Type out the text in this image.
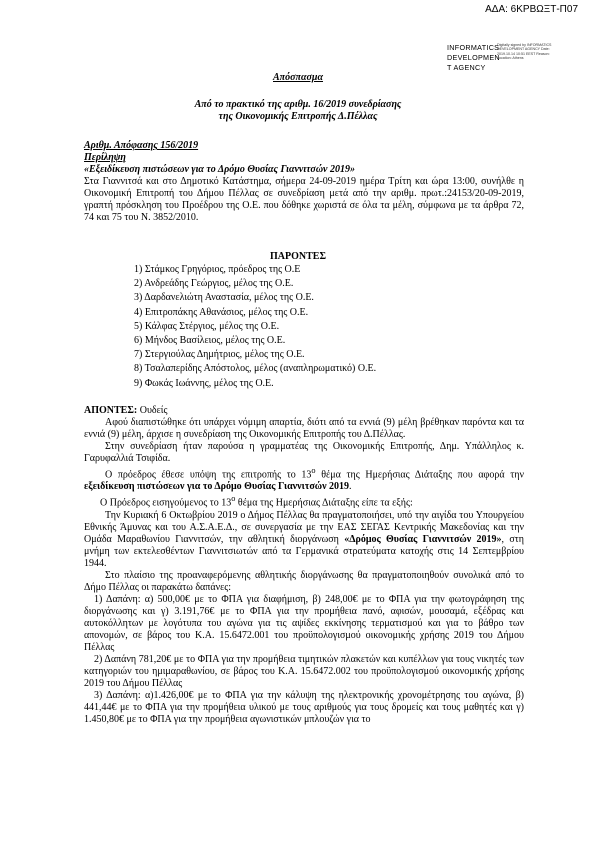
ΑΔΑ: 6ΚΡΒΩΞΤ-Π07
INFORMATICS DEVELOPMEN T AGENCY
Digitally signed by INFORMATICS DEVELOPMENT AGENCY Date: 2019.10.14 10:51 EEST Reason: Location: Athens
Απόσπασμα
Από το πρακτικό της αριθμ. 16/2019 συνεδρίασης
της Οικονομικής Επιτροπής Δ.Πέλλας
Αριθμ. Απόφασης 156/2019
Περίληψη
«Εξειδίκευση πιστώσεων για το Δρόμο Θυσίας Γιαννιτσών 2019»
Στα Γιαννιτσά και στο Δημοτικό Κατάστημα, σήμερα 24-09-2019 ημέρα Τρίτη και ώρα 13:00, συνήλθε η Οικονομική Επιτροπή του Δήμου Πέλλας σε συνεδρίαση μετά από την αριθμ. πρωτ.:24153/20-09-2019, γραπτή πρόσκληση του Προέδρου της Ο.Ε. που δόθηκε χωριστά σε όλα τα μέλη, σύμφωνα με τα άρθρα 72, 74 και 75 του Ν. 3852/2010.
ΠΑΡΟΝΤΕΣ
1) Στάμκος Γρηγόριος, πρόεδρος της Ο.Ε
2) Ανδρεάδης Γεώργιος, μέλος της Ο.Ε.
3) Δαρδανελιώτη Αναστασία, μέλος της Ο.Ε.
4) Επιτροπάκης Αθανάσιος, μέλος της Ο.Ε.
5) Κάλφας Στέργιος, μέλος της Ο.Ε.
6) Μήνδος Βασίλειος, μέλος της Ο.Ε.
7) Στεργιούλας Δημήτριος, μέλος της Ο.Ε.
8) Τσαλαπερίδης Απόστολος, μέλος (αναπληρωματικό) Ο.Ε.
9) Φωκάς Ιωάννης, μέλος της Ο.Ε.
ΑΠΟΝΤΕΣ: Ουδείς

Αφού διαπιστώθηκε ότι υπάρχει νόμιμη απαρτία, διότι από τα εννιά (9) μέλη βρέθηκαν παρόντα και τα εννιά (9) μέλη, άρχισε η συνεδρίαση της Οικονομικής Επιτροπής του Δ.Πέλλας.

Στην συνεδρίαση ήταν παρούσα η γραμματέας της Οικονομικής Επιτροπής, Δημ. Υπάλληλος κ. Γαρυφαλλιά Τσιφίδα.

Ο πρόεδρος έθεσε υπόψη της επιτροπής το $13^o$ θέμα της Ημερήσιας Διάταξης που αφορά την εξειδίκευση πιστώσεων για το Δρόμο Θυσίας Γιαννιτσών 2019.

Ο Πρόεδρος εισηγούμενος το $13^o$ θέμα της Ημερήσιας Διάταξης είπε τα εξής:

Την Κυριακή 6 Οκτωβρίου 2019 ο Δήμος Πέλλας θα πραγματοποιήσει, υπό την αιγίδα του Υπουργείου Εθνικής Άμυνας και του Α.Σ.Α.Ε.Δ., σε συνεργασία με την ΕΑΣ ΣΕΓΑΣ Κεντρικής Μακεδονίας και την Ομάδα Μαραθωνίου Γιαννιτσών, την αθλητική διοργάνωση «Δρόμος Θυσίας Γιαννιτσών 2019», στη μνήμη των εκτελεσθέντων Γιαννιτσιωτών από τα Γερμανικά στρατεύματα κατοχής στις 14 Σεπτεμβρίου 1944.

Στο πλαίσιο της προαναφερόμενης αθλητικής διοργάνωσης θα πραγματοποιηθούν συνολικά από το Δήμο Πέλλας οι παρακάτω δαπάνες:

1) Δαπάνη: α) 500,00€ με το ΦΠΑ για διαφήμιση, β) 248,00€ με το ΦΠΑ για την φωτογράφηση της διοργάνωσης και γ) 3.191,76€ με το ΦΠΑ για την προμήθεια πανό, αφισών, μουσαμά, εξέδρας και αυτοκόλλητων με λογότυπα του αγώνα για τις αψίδες εκκίνησης τερματισμού και για το βάθρο των απονομών, σε βάρος του Κ.Α. 15.6472.001 του προϋπολογισμού οικονομικής χρήσης 2019 του Δήμου Πέλλας

2) Δαπάνη 781,20€ με το ΦΠΑ για την προμήθεια τιμητικών πλακετών και κυπέλλων για τους νικητές των κατηγοριών του ημιμαραθωνίου, σε βάρος του Κ.Α. 15.6472.002 του προϋπολογισμού οικονομικής χρήσης 2019 του Δήμου Πέλλας

3) Δαπάνη: α)1.426,00€ με το ΦΠΑ για την κάλυψη της ηλεκτρονικής χρονομέτρησης του αγώνα, β) 441,44€ με το ΦΠΑ για την προμήθεια υλικού με τους αριθμούς για τους δρομείς και τους μαθητές και γ) 1.450,80€ με το ΦΠΑ για την προμήθεια αγωνιστικών μπλουζών για το
